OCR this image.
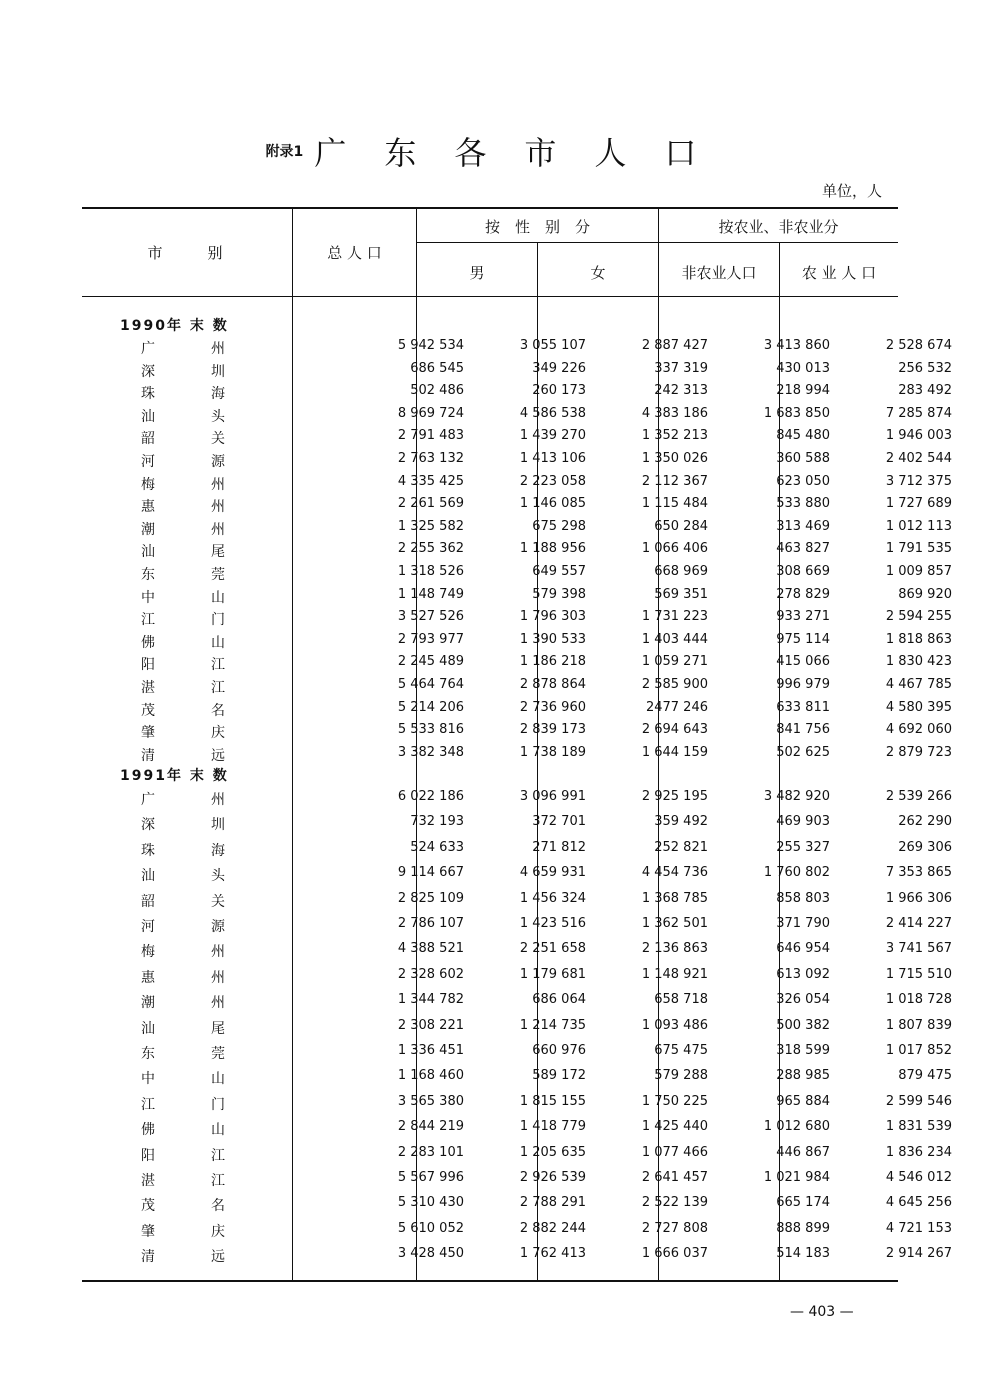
附录1 广东各市人口
单位，人
市　　　别	总 人 口
按　性　别　分
男	女
按农业、非农业分
非农业人口	农 业 人 口
1990年 末 数
广	州	5 942 534	3 055 107	2 887 427	3 413 860	2 528 674
深	圳	686 545	349 226	337 319	430 013	256 532
珠	海	502 486	260 173	242 313	218 994	283 492
汕	头	8 969 724	4 586 538	4 383 186	1 683 850	7 285 874
韶	关	2 791 483	1 439 270	1 352 213	845 480	1 946 003
河	源	2 763 132	1 413 106	1 350 026	360 588	2 402 544
梅	州	4 335 425	2 223 058	2 112 367	623 050	3 712 375
惠	州	2 261 569	1 146 085	1 115 484	533 880	1 727 689
潮	州	1 325 582	675 298	650 284	313 469	1 012 113
汕	尾	2 255 362	1 188 956	1 066 406	463 827	1 791 535
东	莞	1 318 526	649 557	668 969	308 669	1 009 857
中	山	1 148 749	579 398	569 351	278 829	869 920
江	门	3 527 526	1 796 303	1 731 223	933 271	2 594 255
佛	山	2 793 977	1 390 533	1 403 444	975 114	1 818 863
阳	江	2 245 489	1 186 218	1 059 271	415 066	1 830 423
湛	江	5 464 764	2 878 864	2 585 900	996 979	4 467 785
茂	名	5 214 206	2 736 960	2477 246	633 811	4 580 395
肇	庆	5 533 816	2 839 173	2 694 643	841 756	4 692 060
清	远	3 382 348	1 738 189	1 644 159	502 625	2 879 723
1991年 末 数
广	州	6 022 186	3 096 991	2 925 195	3 482 920	2 539 266
深	圳	732 193	372 701	359 492	469 903	262 290
珠	海	524 633	271 812	252 821	255 327	269 306
汕	头	9 114 667	4 659 931	4 454 736	1 760 802	7 353 865
韶	关	2 825 109	1 456 324	1 368 785	858 803	1 966 306
河	源	2 786 107	1 423 516	1 362 501	371 790	2 414 227
梅	州	4 388 521	2 251 658	2 136 863	646 954	3 741 567
惠	州	2 328 602	1 179 681	1 148 921	613 092	1 715 510
潮	州	1 344 782	686 064	658 718	326 054	1 018 728
汕	尾	2 308 221	1 214 735	1 093 486	500 382	1 807 839
东	莞	1 336 451	660 976	675 475	318 599	1 017 852
中	山	1 168 460	589 172	579 288	288 985	879 475
江	门	3 565 380	1 815 155	1 750 225	965 884	2 599 546
佛	山	2 844 219	1 418 779	1 425 440	1 012 680	1 831 539
阳	江	2 283 101	1 205 635	1 077 466	446 867	1 836 234
湛	江	5 567 996	2 926 539	2 641 457	1 021 984	4 546 012
茂	名	5 310 430	2 788 291	2 522 139	665 174	4 645 256
肇	庆	5 610 052	2 882 244	2 727 808	888 899	4 721 153
清	远	3 428 450	1 762 413	1 666 037	514 183	2 914 267
— 403 —
